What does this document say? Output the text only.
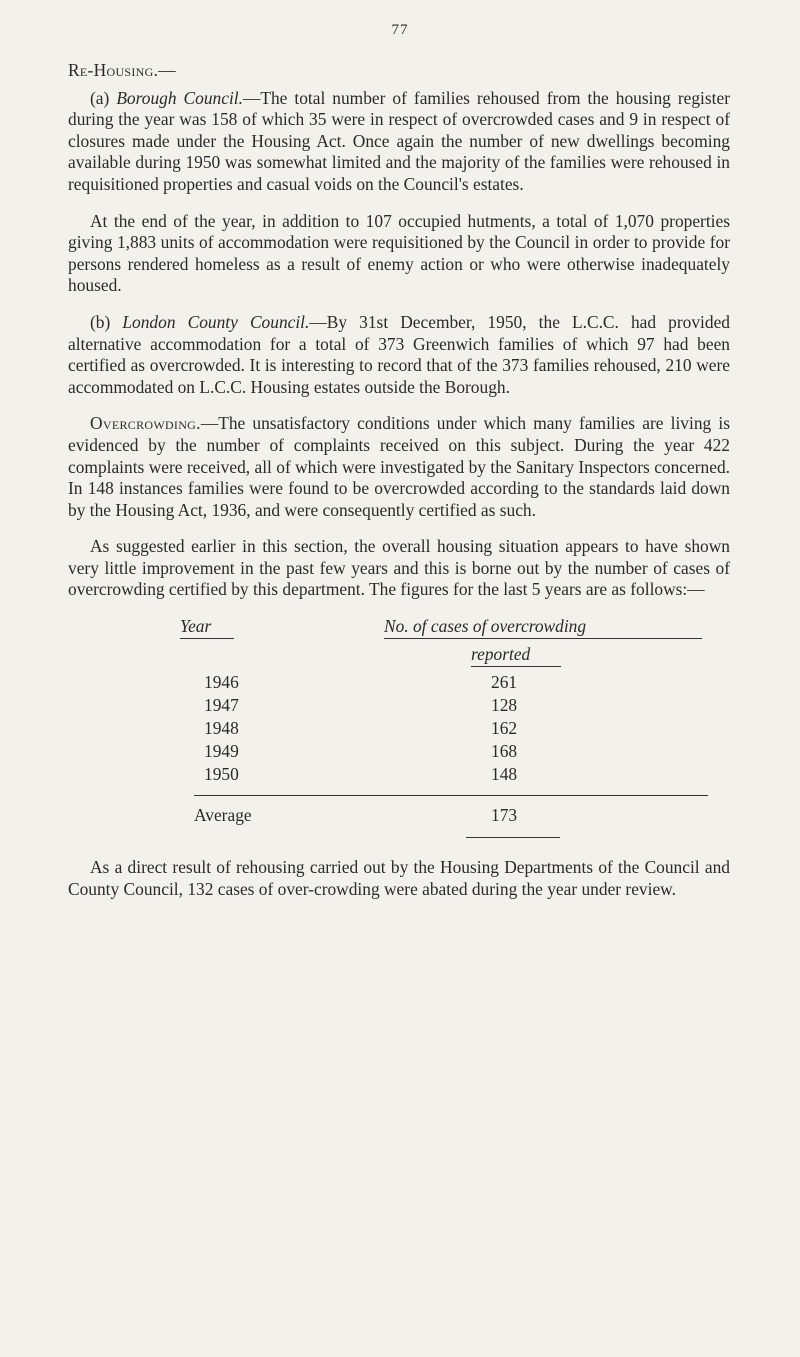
77
Re-Housing.—

(a) Borough Council.—The total number of families rehoused from the housing register during the year was 158 of which 35 were in respect of overcrowded cases and 9 in respect of closures made under the Housing Act. Once again the number of new dwellings becoming available during 1950 was somewhat limited and the majority of the families were rehoused in requisitioned properties and casual voids on the Council's estates.

At the end of the year, in addition to 107 occupied hutments, a total of 1,070 properties giving 1,883 units of accommodation were requisitioned by the Council in order to provide for persons rendered homeless as a result of enemy action or who were otherwise inadequately housed.

(b) London County Council.—By 31st December, 1950, the L.C.C. had provided alternative accommodation for a total of 373 Greenwich families of which 97 had been certified as overcrowded. It is interesting to record that of the 373 families rehoused, 210 were accommodated on L.C.C. Housing estates outside the Borough.

Overcrowding.—The unsatisfactory conditions under which many families are living is evidenced by the number of complaints received on this subject. During the year 422 complaints were received, all of which were investigated by the Sanitary Inspectors concerned. In 148 instances families were found to be overcrowded according to the standards laid down by the Housing Act, 1936, and were consequently certified as such.

As suggested earlier in this section, the overall housing situation appears to have shown very little improvement in the past few years and this is borne out by the number of cases of overcrowding certified by this department. The figures for the last 5 years are as follows:—

Year	No. of cases of overcrowding
reported
1946	261
1947	128
1948	162
1949	168
1950	148
Average	173

As a direct result of rehousing carried out by the Housing Departments of the Council and County Council, 132 cases of over-crowding were abated during the year under review.
